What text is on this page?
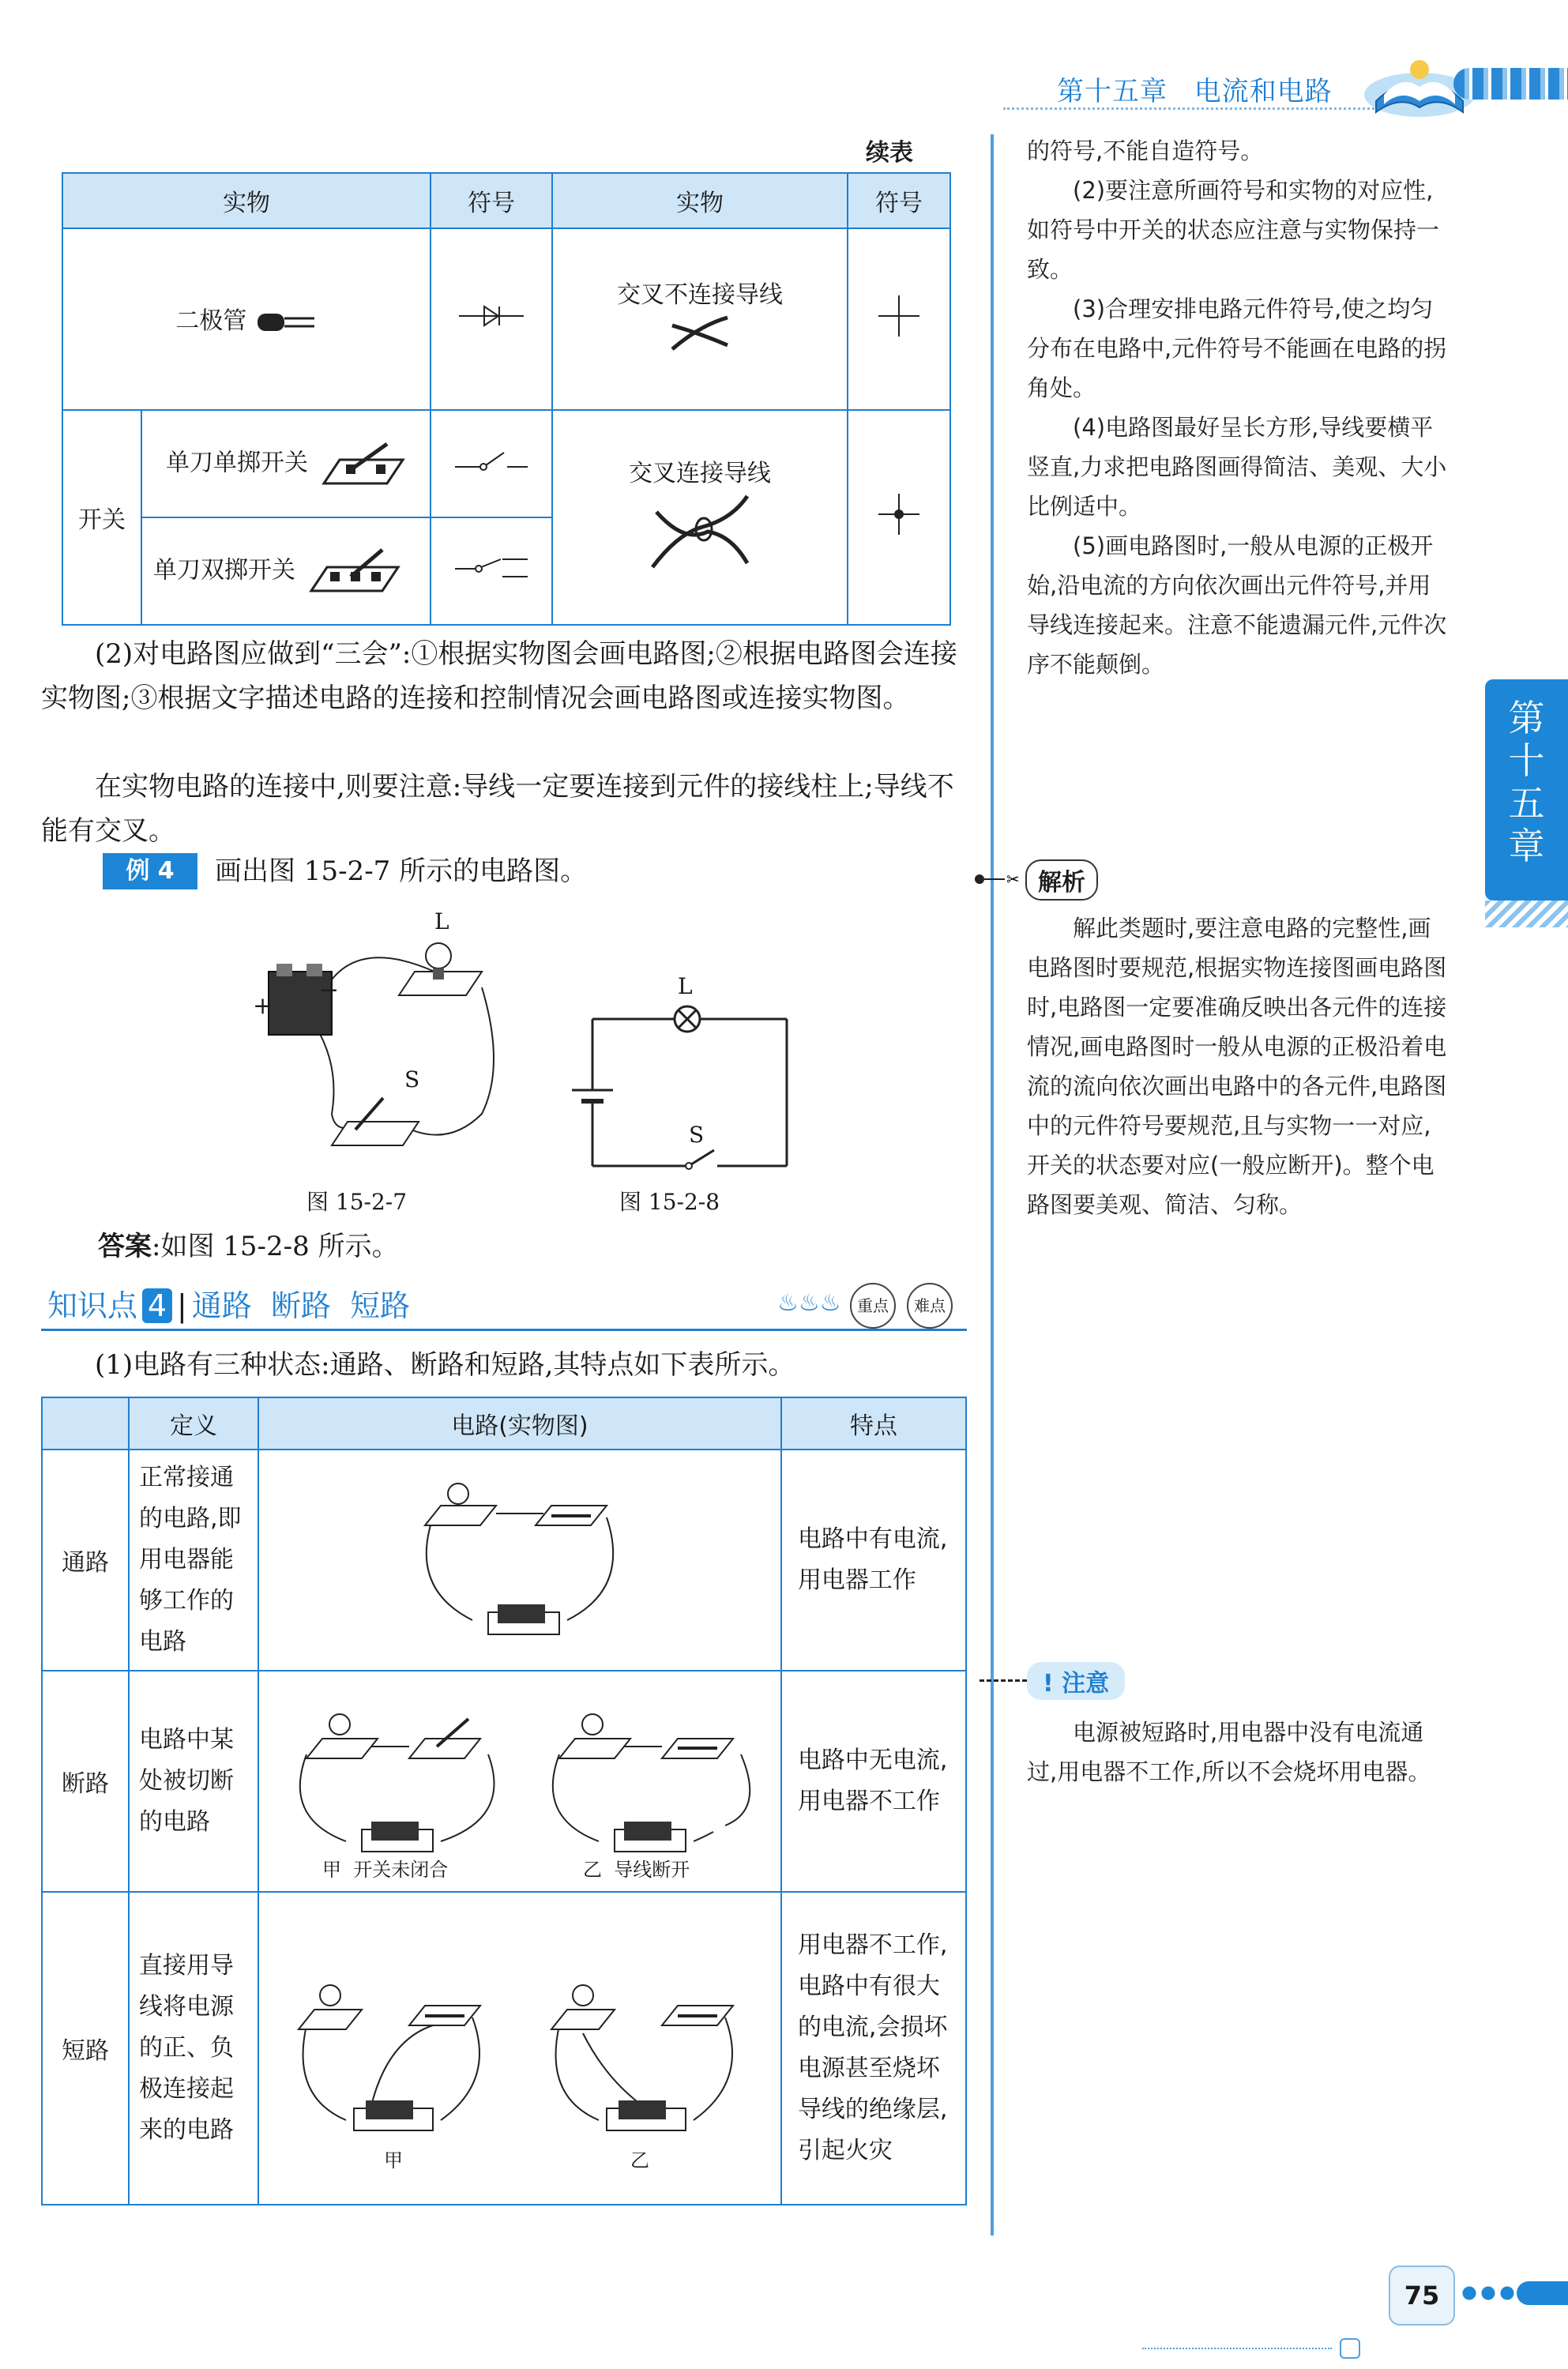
第十五章 电流和电路
续表
实物		符号	实物	符号
二极管			交叉不连接导线

开关	单刀单掷开关		交叉连接导线

	单刀双掷开关	
(2)对电路图应做到“三会”:①根据实物图会画电路图;②根据电路图会连接实物图;③根据文字描述电路的连接和控制情况会画电路图或连接实物图。
在实物电路的连接中,则要注意:导线一定要连接到元件的接线柱上;导线不能有交叉。
例 4	画出图 15-2-7 所示的电路图。
L
+
−
S
图 15-2-7
L
S
图 15-2-8
答案:如图 15-2-8 所示。
知识点 4 | 通路  断路  短路	♨♨♨	重点	难点
(1)电路有三种状态:通路、断路和短路,其特点如下表所示。
	定义	电路(实物图)	特点
通路	正常接通的电路,即用电器能够工作的电路		电路中有电流,用电器工作
断路	电路中某处被切断的电路	甲  开关未闭合 乙  导线断开	电路中无电流,用电器不工作
短路	直接用导线将电源的正、负极连接起来的电路	甲 乙	用电器不工作,电路中有很大的电流,会损坏电源甚至烧坏导线的绝缘层,引起火灾
的符号,不能自造符号。
(2)要注意所画符号和实物的对应性,如符号中开关的状态应注意与实物保持一致。
(3)合理安排电路元件符号,使之均匀分布在电路中,元件符号不能画在电路的拐角处。
(4)电路图最好呈长方形,导线要横平竖直,力求把电路图画得简洁、美观、大小比例适中。
(5)画电路图时,一般从电源的正极开始,沿电流的方向依次画出元件符号,并用导线连接起来。注意不能遗漏元件,元件次序不能颠倒。
第十五章
✂ 解析
解此类题时,要注意电路的完整性,画电路图时要规范,根据实物连接图画电路图时,电路图一定要准确反映出各元件的连接情况,画电路图时一般从电源的正极沿着电流的流向依次画出电路中的各元件,电路图中的元件符号要规范,且与实物一一对应,开关的状态要对应(一般应断开)。整个电路图要美观、简洁、匀称。
! 注意
电源被短路时,用电器中没有电流通过,用电器不工作,所以不会烧坏用电器。
75
